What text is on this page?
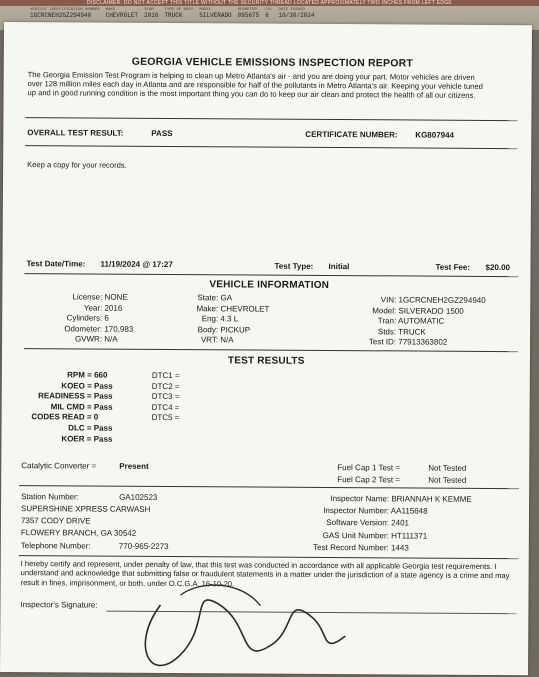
DISCLAIMER: DO NOT ACCEPT THIS TITLE WITHOUT THE SECURITY THREAD LOCATED APPROXIMATELY TWO INCHES FROM LEFT EDGE
VEHICLE IDENTIFICATION NUMBER
1GCRCNEH2GZ294940
MAKE
CHEVROLET
YEAR
2016
TYPE OF BODY
TRUCK
MODEL
SILVERADO
ODOMETER
095675
CYL
6
DATE ISSUED
10/30/2024
GEORGIA VEHICLE EMISSIONS INSPECTION REPORT
The Georgia Emission Test Program is helping to clean up Metro Atlanta's air - and you are doing your part. Motor vehicles are driven over 128 million miles each day in Atlanta and are responsible for half of the pollutants in Metro Atlanta's air. Keeping your vehicle tuned up and in good running condition is the most important thing you can do to keep our air clean and protect the health of all our citizens.
OVERALL TEST RESULT:	PASS	CERTIFICATE NUMBER: KG807944
Keep a copy for your records.
Test Date/Time: 11/19/2024 @ 17:27	Test Type: Initial	Test Fee: $20.00
VEHICLE INFORMATION
License: NONE
Year: 2016
Cylinders: 6
Odometer: 170,983
GVWR: N/A
State: GA
Make: CHEVROLET
Eng: 4.3 L
Body: PICKUP
VRT: N/A
VIN: 1GCRCNEH2GZ294940
Model: SILVERADO 1500
Tran: AUTOMATIC
Stds: TRUCK
Test ID: 77913363802
TEST RESULTS
RPM = 660
KOEO = Pass
READINESS = Pass
MIL CMD = Pass
CODES READ = 0
DLC = Pass
KOER = Pass
DTC1 =
DTC2 =
DTC3 =
DTC4 =
DTC5 =
Catalytic Converter =	Present	Fuel Cap 1 Test =	Not Tested
Fuel Cap 2 Test =	Not Tested
Station Number:	GA102523
SUPERSHINE XPRESS CARWASH
7357 CODY DRIVE
FLOWERY BRANCH, GA 30542
Telephone Number:	770-965-2273
Inspector Name: BRIANNAH K KEMME
Inspector Number: AA115648
Software Version: 2401
GAS Unit Number: HT111371
Test Record Number: 1443
I hereby certify and represent, under penalty of law, that this test was conducted in accordance with all applicable Georgia test requirements. I understand and acknowledge that submitting false or fraudulent statements in a matter under the jurisdiction of a state agency is a crime and may result in fines, imprisonment, or both, under O.C.G.A. 16-10-20.
Inspector's Signature:
